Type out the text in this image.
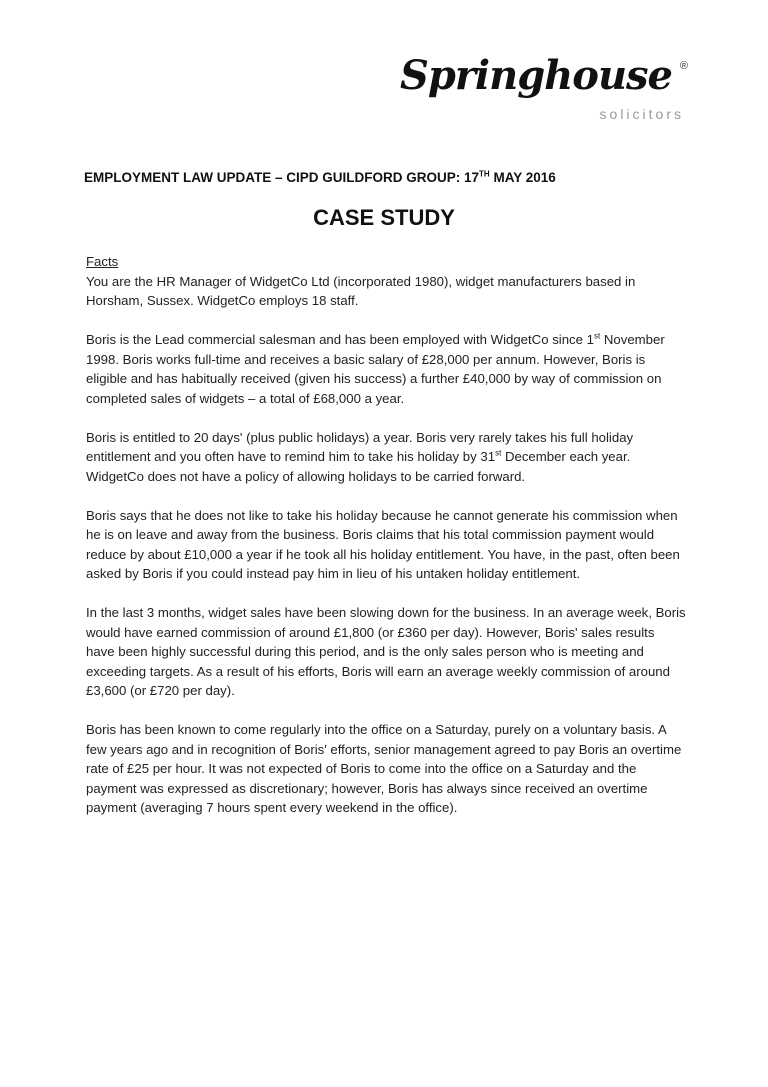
Springhouse ®
solicitors
EMPLOYMENT LAW UPDATE – CIPD GUILDFORD GROUP: 17TH MAY 2016
CASE STUDY

Facts

You are the HR Manager of WidgetCo Ltd (incorporated 1980), widget manufacturers based in Horsham, Sussex. WidgetCo employs 18 staff.

Boris is the Lead commercial salesman and has been employed with WidgetCo since 1st November 1998. Boris works full-time and receives a basic salary of £28,000 per annum. However, Boris is eligible and has habitually received (given his success) a further £40,000 by way of commission on completed sales of widgets – a total of £68,000 a year.

Boris is entitled to 20 days' (plus public holidays) a year. Boris very rarely takes his full holiday entitlement and you often have to remind him to take his holiday by 31st December each year. WidgetCo does not have a policy of allowing holidays to be carried forward.

Boris says that he does not like to take his holiday because he cannot generate his commission when he is on leave and away from the business. Boris claims that his total commission payment would reduce by about £10,000 a year if he took all his holiday entitlement. You have, in the past, often been asked by Boris if you could instead pay him in lieu of his untaken holiday entitlement.

In the last 3 months, widget sales have been slowing down for the business. In an average week, Boris would have earned commission of around £1,800 (or £360 per day). However, Boris' sales results have been highly successful during this period, and is the only sales person who is meeting and exceeding targets. As a result of his efforts, Boris will earn an average weekly commission of around £3,600 (or £720 per day).

Boris has been known to come regularly into the office on a Saturday, purely on a voluntary basis. A few years ago and in recognition of Boris' efforts, senior management agreed to pay Boris an overtime rate of £25 per hour. It was not expected of Boris to come into the office on a Saturday and the payment was expressed as discretionary; however, Boris has always since received an overtime payment (averaging 7 hours spent every weekend in the office).
